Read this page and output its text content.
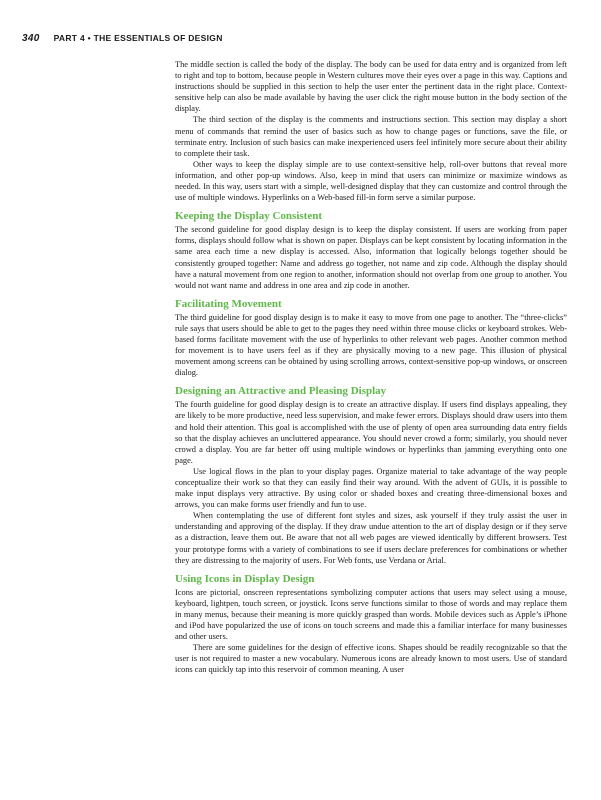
340 PART 4 • THE ESSENTIALS OF DESIGN

The middle section is called the body of the display. The body can be used for data entry and is organized from left to right and top to bottom, because people in Western cultures move their eyes over a page in this way. Captions and instructions should be supplied in this section to help the user enter the pertinent data in the right place. Context-sensitive help can also be made available by having the user click the right mouse button in the body section of the display.

The third section of the display is the comments and instructions section. This section may display a short menu of commands that remind the user of basics such as how to change pages or functions, save the file, or terminate entry. Inclusion of such basics can make inexperienced users feel infinitely more secure about their ability to complete their task.

Other ways to keep the display simple are to use context-sensitive help, roll-over buttons that reveal more information, and other pop-up windows. Also, keep in mind that users can minimize or maximize windows as needed. In this way, users start with a simple, well-designed display that they can customize and control through the use of multiple windows. Hyperlinks on a Web-based fill-in form serve a similar purpose.

Keeping the Display Consistent

The second guideline for good display design is to keep the display consistent. If users are working from paper forms, displays should follow what is shown on paper. Displays can be kept consistent by locating information in the same area each time a new display is accessed. Also, information that logically belongs together should be consistently grouped together: Name and address go together, not name and zip code. Although the display should have a natural movement from one region to another, information should not overlap from one group to another. You would not want name and address in one area and zip code in another.

Facilitating Movement

The third guideline for good display design is to make it easy to move from one page to another. The “three-clicks” rule says that users should be able to get to the pages they need within three mouse clicks or keyboard strokes. Web-based forms facilitate movement with the use of hyperlinks to other relevant web pages. Another common method for movement is to have users feel as if they are physically moving to a new page. This illusion of physical movement among screens can be obtained by using scrolling arrows, context-sensitive pop-up windows, or onscreen dialog.

Designing an Attractive and Pleasing Display

The fourth guideline for good display design is to create an attractive display. If users find displays appealing, they are likely to be more productive, need less supervision, and make fewer errors. Displays should draw users into them and hold their attention. This goal is accomplished with the use of plenty of open area surrounding data entry fields so that the display achieves an uncluttered appearance. You should never crowd a form; similarly, you should never crowd a display. You are far better off using multiple windows or hyperlinks than jamming everything onto one page.

Use logical flows in the plan to your display pages. Organize material to take advantage of the way people conceptualize their work so that they can easily find their way around. With the advent of GUIs, it is possible to make input displays very attractive. By using color or shaded boxes and creating three-dimensional boxes and arrows, you can make forms user friendly and fun to use.

When contemplating the use of different font styles and sizes, ask yourself if they truly assist the user in understanding and approving of the display. If they draw undue attention to the art of display design or if they serve as a distraction, leave them out. Be aware that not all web pages are viewed identically by different browsers. Test your prototype forms with a variety of combinations to see if users declare preferences for combinations or whether they are distressing to the majority of users. For Web fonts, use Verdana or Arial.

Using Icons in Display Design

Icons are pictorial, onscreen representations symbolizing computer actions that users may select using a mouse, keyboard, lightpen, touch screen, or joystick. Icons serve functions similar to those of words and may replace them in many menus, because their meaning is more quickly grasped than words. Mobile devices such as Apple’s iPhone and iPod have popularized the use of icons on touch screens and made this a familiar interface for many businesses and other users.

There are some guidelines for the design of effective icons. Shapes should be readily recognizable so that the user is not required to master a new vocabulary. Numerous icons are already known to most users. Use of standard icons can quickly tap into this reservoir of common meaning. A user
